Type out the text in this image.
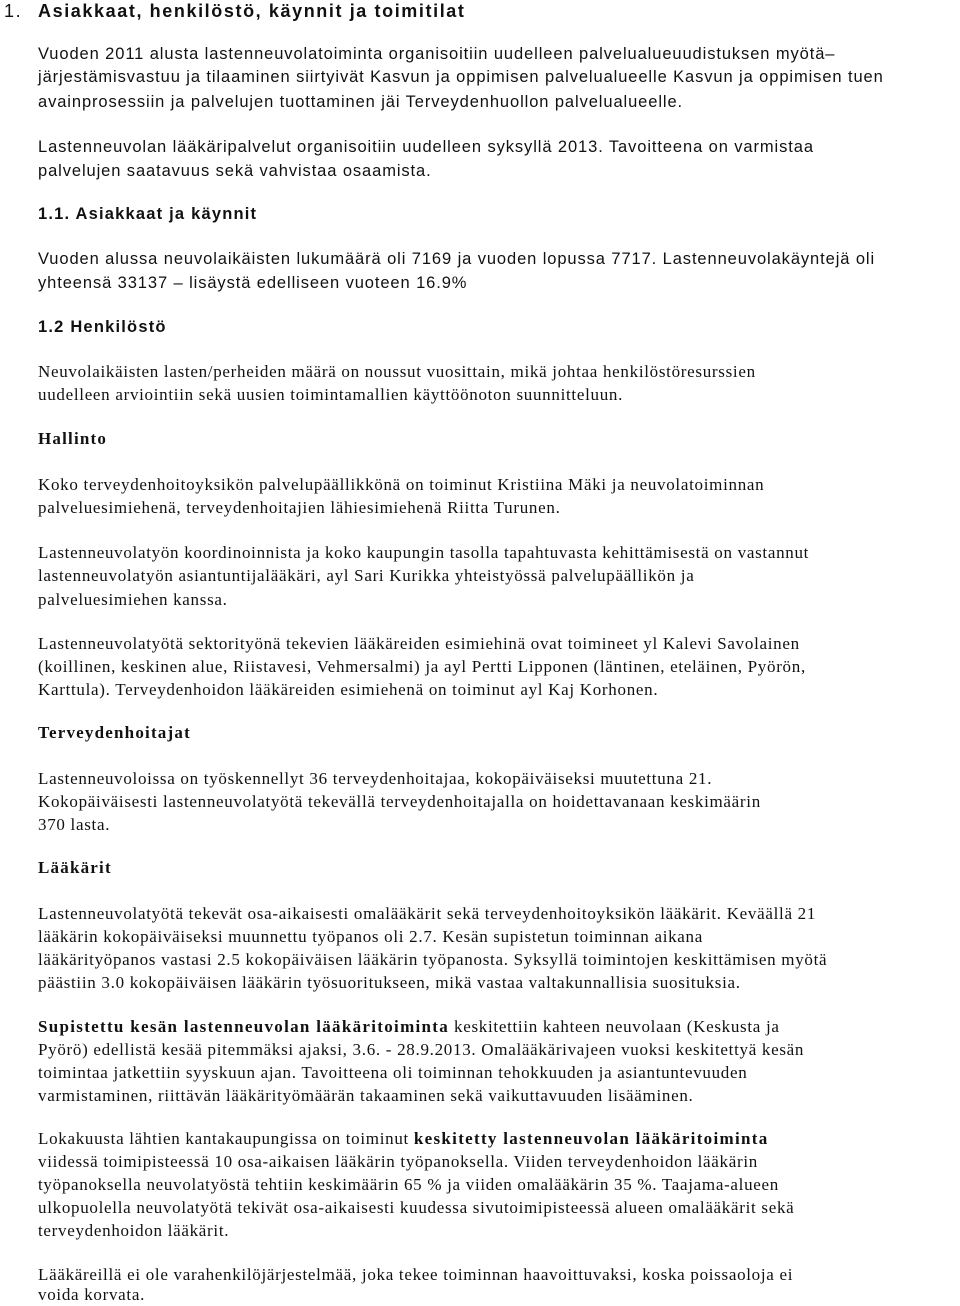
1. Asiakkaat, henkilöstö, käynnit ja toimitilat
Vuoden 2011 alusta lastenneuvolatoiminta organisoitiin uudelleen palvelualueuudistuksen myötä–
järjestämisvastuu ja tilaaminen siirtyivät Kasvun ja oppimisen palvelualueelle Kasvun ja oppimisen tuen
avainprosessiin ja palvelujen tuottaminen jäi Terveydenhuollon palvelualueelle.
Lastenneuvolan lääkäripalvelut organisoitiin uudelleen syksyllä 2013. Tavoitteena on varmistaa
palvelujen saatavuus sekä vahvistaa osaamista.
1.1. Asiakkaat ja käynnit
Vuoden alussa neuvolaikäisten lukumäärä oli 7169 ja vuoden lopussa 7717. Lastenneuvolakäyntejä oli
yhteensä 33137 – lisäystä edelliseen vuoteen 16.9%
1.2 Henkilöstö
Neuvolaikäisten lasten/perheiden määrä on noussut vuosittain, mikä johtaa henkilöstöresurssien
uudelleen arviointiin sekä uusien toimintamallien käyttöönoton suunnitteluun.
Hallinto
Koko terveydenhoitoyksikön palvelupäällikkönä on toiminut Kristiina Mäki ja neuvolatoiminnan
palveluesimiehenä, terveydenhoitajien lähiesimiehenä Riitta Turunen.
Lastenneuvolatyön koordinoinnista ja koko kaupungin tasolla tapahtuvasta kehittämisestä on vastannut
lastenneuvolatyön asiantuntijalääkäri, ayl Sari Kurikka yhteistyössä palvelupäällikön ja
palveluesimiehen kanssa.
Lastenneuvolatyötä sektorityönä tekevien lääkäreiden esimiehinä ovat toimineet yl Kalevi Savolainen
(koillinen, keskinen alue, Riistavesi, Vehmersalmi) ja ayl Pertti Lipponen (läntinen, eteläinen, Pyörön,
Karttula). Terveydenhoidon lääkäreiden esimiehenä on toiminut ayl Kaj Korhonen.
Terveydenhoitajat
Lastenneuvoloissa on työskennellyt 36 terveydenhoitajaa, kokopäiväiseksi muutettuna 21.
Kokopäiväisesti lastenneuvolatyötä tekevällä terveydenhoitajalla on hoidettavanaan keskimäärin
370 lasta.
Lääkärit
Lastenneuvolatyötä tekevät osa-aikaisesti omalääkärit sekä terveydenhoitoyksikön lääkärit. Keväällä 21
lääkärin kokopäiväiseksi muunnettu työpanos oli 2.7. Kesän supistetun toiminnan aikana
lääkärityöpanos vastasi 2.5 kokopäiväisen lääkärin työpanosta. Syksyllä toimintojen keskittämisen myötä
päästiin 3.0 kokopäiväisen lääkärin työsuoritukseen, mikä vastaa valtakunnallisia suosituksia.
Supistettu kesän lastenneuvolan lääkäritoiminta keskitettiin kahteen neuvolaan (Keskusta ja
Pyörö) edellistä kesää pitemmäksi ajaksi, 3.6. - 28.9.2013. Omalääkärivajeen vuoksi keskitettyä kesän
toimintaa jatkettiin syyskuun ajan. Tavoitteena oli toiminnan tehokkuuden ja asiantuntevuuden
varmistaminen, riittävän lääkärityömäärän takaaminen sekä vaikuttavuuden lisääminen.
Lokakuusta lähtien kantakaupungissa on toiminut keskitetty lastenneuvolan lääkäritoiminta
viidessä toimipisteessä 10 osa-aikaisen lääkärin työpanoksella. Viiden terveydenhoidon lääkärin
työpanoksella neuvolatyöstä tehtiin keskimäärin 65 % ja viiden omalääkärin 35 %. Taajama-alueen
ulkopuolella neuvolatyötä tekivät osa-aikaisesti kuudessa sivutoimipisteessä alueen omalääkärit sekä
terveydenhoidon lääkärit.
Lääkäreillä ei ole varahenkilöjärjestelmää, joka tekee toiminnan haavoittuvaksi, koska poissaoloja ei
voida korvata.
